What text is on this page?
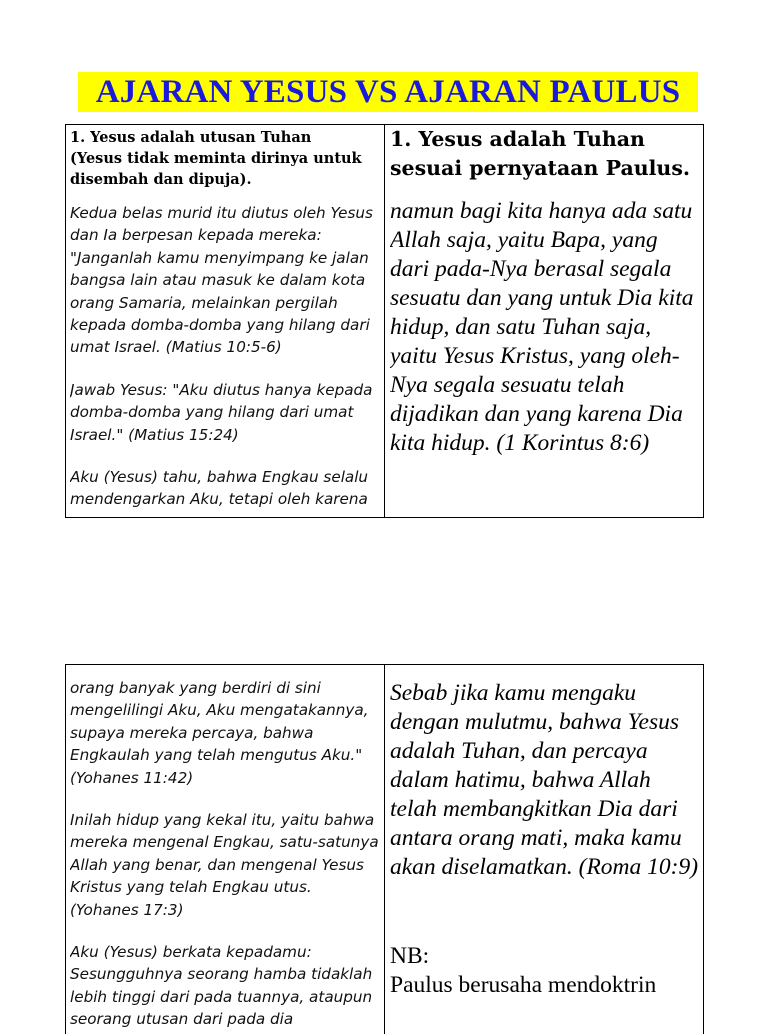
AJARAN YESUS VS AJARAN PAULUS

1. Yesus adalah utusan Tuhan

(Yesus tidak meminta dirinya untuk disembah dan dipuja).

Kedua belas murid itu diutus oleh Yesus dan Ia berpesan kepada mereka: "Janganlah kamu menyimpang ke jalan bangsa lain atau masuk ke dalam kota orang Samaria, melainkan pergilah kepada domba-domba yang hilang dari umat Israel. (Matius 10:5-6)

Jawab Yesus: "Aku diutus hanya kepada domba-domba yang hilang dari umat Israel." (Matius 15:24)

Aku (Yesus) tahu, bahwa Engkau selalu mendengarkan Aku, tetapi oleh karena

1. Yesus adalah Tuhan sesuai pernyataan Paulus.

namun bagi kita hanya ada satu Allah saja, yaitu Bapa, yang dari pada-Nya berasal segala sesuatu dan yang untuk Dia kita hidup, dan satu Tuhan saja, yaitu Yesus Kristus, yang oleh-Nya segala sesuatu telah dijadikan dan yang karena Dia kita hidup. (1 Korintus 8:6)

orang banyak yang berdiri di sini mengelilingi Aku, Aku mengatakannya, supaya mereka percaya, bahwa Engkaulah yang telah mengutus Aku." (Yohanes 11:42)

Inilah hidup yang kekal itu, yaitu bahwa mereka mengenal Engkau, satu-satunya Allah yang benar, dan mengenal Yesus Kristus yang telah Engkau utus. (Yohanes 17:3)

Aku (Yesus) berkata kepadamu: Sesungguhnya seorang hamba tidaklah lebih tinggi dari pada tuannya, ataupun seorang utusan dari pada dia

Sebab jika kamu mengaku dengan mulutmu, bahwa Yesus adalah Tuhan, dan percaya dalam hatimu, bahwa Allah telah membangkitkan Dia dari antara orang mati, maka kamu akan diselamatkan. (Roma 10:9)

NB:

Paulus berusaha mendoktrin
